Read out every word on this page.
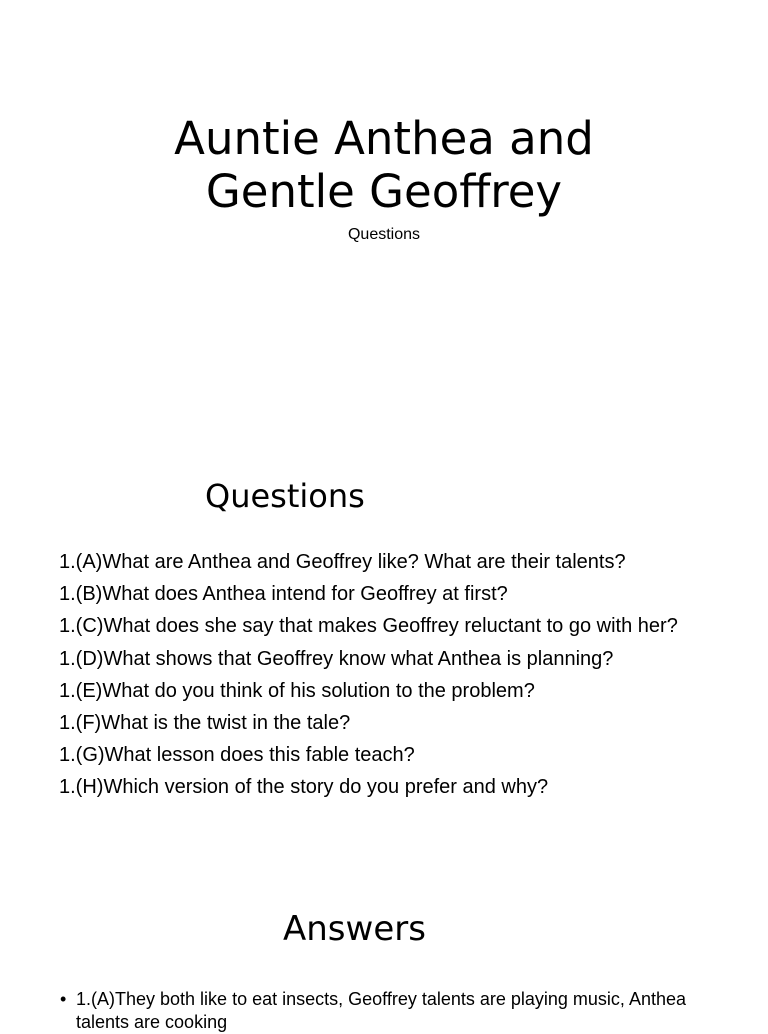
Auntie Anthea and
Gentle Geoffrey

Questions

Questions
1.(A)What are Anthea and Geoffrey like? What are their talents?
1.(B)What does Anthea intend for Geoffrey at first?
1.(C)What does she say that makes Geoffrey reluctant to go with her?
1.(D)What shows that Geoffrey know what Anthea is planning?
1.(E)What do you think of his solution to the problem?
1.(F)What is the twist in the tale?
1.(G)What lesson does this fable teach?
1.(H)Which version of the story do you prefer and why?
Answers
• 1.(A)They both like to eat insects, Geoffrey talents are playing music, Anthea talents are cooking
